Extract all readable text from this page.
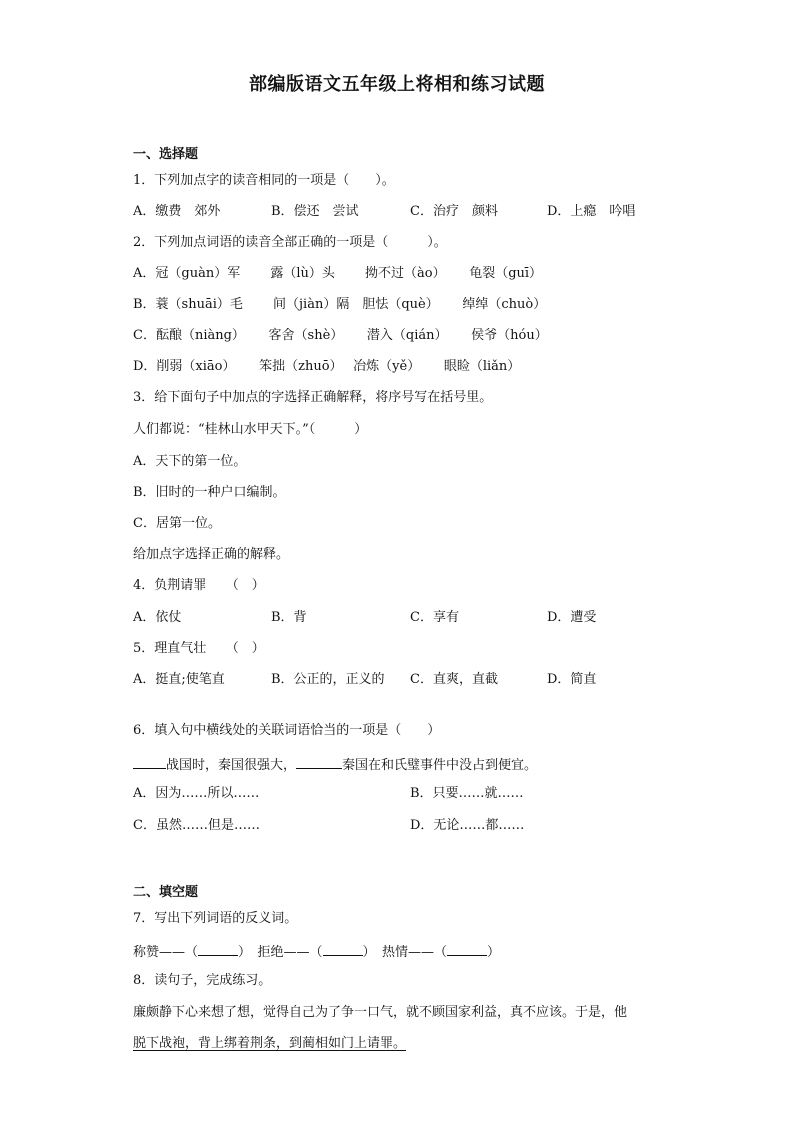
部编版语文五年级上将相和练习试题
一、选择题
1．下列加点字的读音相同的一项是（　　）。
A．缴费　郊外	B．偿还　尝试	C．治疗　颜料	D．上瘾　吟唱
2．下列加点词语的读音全部正确的一项是（　　　）。
A．冠（guàn）军　　 露（lù）头　　 拗不过（ào）　　 龟裂（guī）
B．蓑（shuāi）毛　　 间（jiàn）隔　胆怯（què）　　 绰绰（chuò）
C．酝酿（niàng）　　 客舍（shè）　　 潜入（qián）　　 侯爷（hóu）
D．削弱（xiāo）　　 笨拙（zhuō）　 冶炼（yě）　　 眼睑（liǎn）
3．给下面句子中加点的字选择正确解释，将序号写在括号里。
人们都说：“桂林山水甲天下。”（　　　）
A．天下的第一位。
B．旧时的一种户口编制。
C．居第一位。
给加点字选择正确的解释。
4．负荆请罪　　（　）
A．依仗	B．背	C．享有	D．遭受
5．理直气壮　　（　）
A．挺直;使笔直	B．公正的，正义的 C．直爽，直截	D．简直
6．填入句中横线处的关联词语恰当的一项是（　　）
战国时，秦国很强大，	秦国在和氏璧事件中没占到便宜。
A．因为……所以……	B．只要……就……
C．虽然……但是……	D．无论……都……
二、填空题
7．写出下列词语的反义词。
称赞——（	）　拒绝——（	）　热情——（	）
8．读句子，完成练习。
廉颇静下心来想了想，觉得自己为了争一口气，就不顾国家利益，真不应该。于是，他
脱下战袍，背上绑着荆条，到蔺相如门上请罪。
